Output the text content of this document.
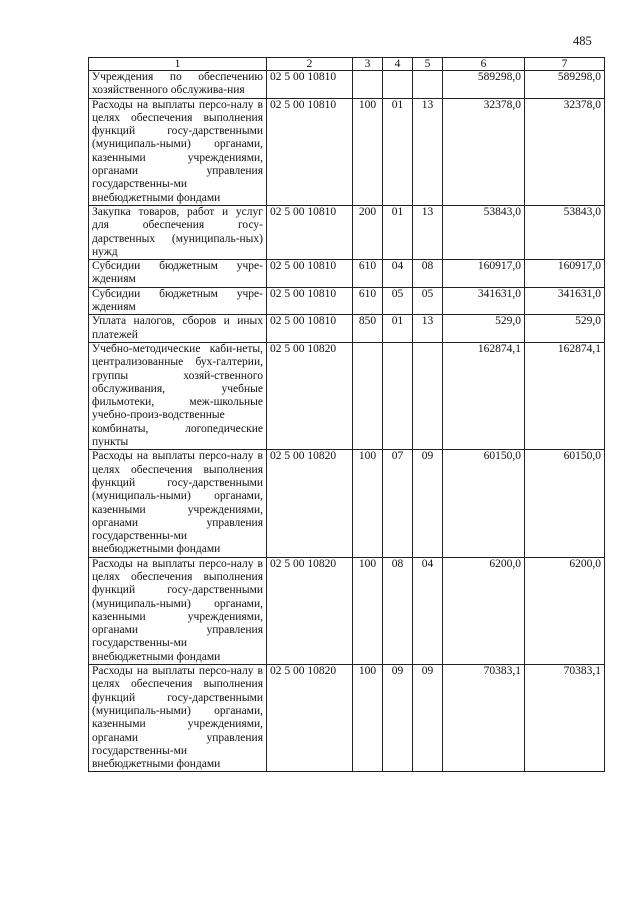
485
1	2	3	4	5	6	7
Учреждения по обеспечению хозяйственного обслужива-ния	02 5 00 10810				589298,0	589298,0
Расходы на выплаты персо-налу в целях обеспечения выполнения функций госу-дарственными (муниципаль-ными) органами, казенными учреждениями, органами управления государственны-ми внебюджетными фондами	02 5 00 10810	100	01	13	32378,0	32378,0
Закупка товаров, работ и услуг для обеспечения госу-дарственных (муниципаль-ных) нужд	02 5 00 10810	200	01	13	53843,0	53843,0
Субсидии бюджетным учре-ждениям	02 5 00 10810	610	04	08	160917,0	160917,0
Субсидии бюджетным учре-ждениям	02 5 00 10810	610	05	05	341631,0	341631,0
Уплата налогов, сборов и иных платежей	02 5 00 10810	850	01	13	529,0	529,0
Учебно-методические каби-неты, централизованные бух-галтерии, группы хозяй-ственного обслуживания, учебные фильмотеки, меж-школьные учебно-произ-водственные комбинаты, логопедические пункты	02 5 00 10820				162874,1	162874,1
Расходы на выплаты персо-налу в целях обеспечения выполнения функций госу-дарственными (муниципаль-ными) органами, казенными учреждениями, органами управления государственны-ми внебюджетными фондами	02 5 00 10820	100	07	09	60150,0	60150,0
Расходы на выплаты персо-налу в целях обеспечения выполнения функций госу-дарственными (муниципаль-ными) органами, казенными учреждениями, органами управления государственны-ми внебюджетными фондами	02 5 00 10820	100	08	04	6200,0	6200,0
Расходы на выплаты персо-налу в целях обеспечения выполнения функций госу-дарственными (муниципаль-ными) органами, казенными учреждениями, органами управления государственны-ми внебюджетными фондами	02 5 00 10820	100	09	09	70383,1	70383,1
